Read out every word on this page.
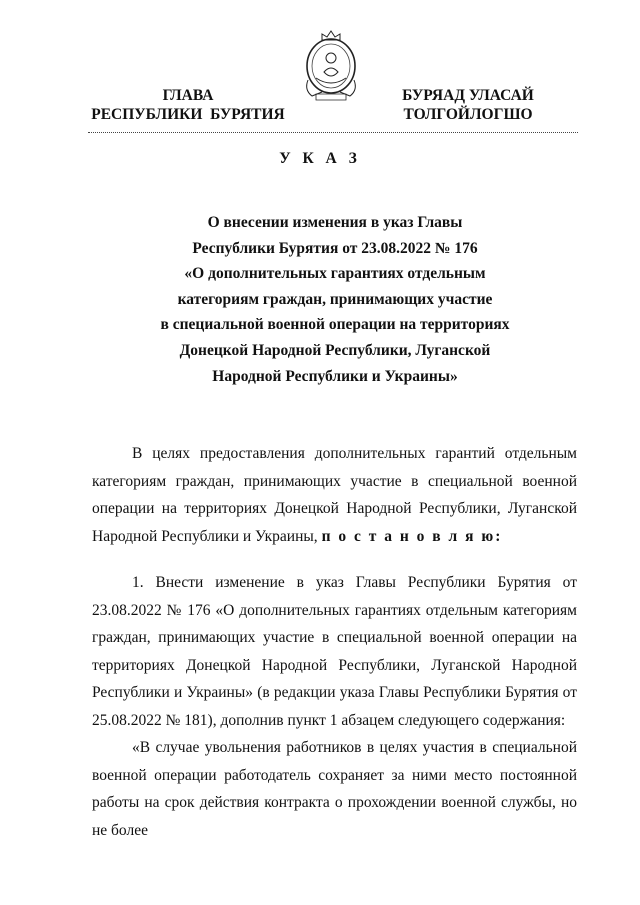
ГЛАВА
РЕСПУБЛИКИ  БУРЯТИЯ
БУРЯАД УЛАСАЙ
ТОЛГОЙЛОГШО
У К А З
О внесении изменения в указ Главы
Республики Бурятия от 23.08.2022 № 176
«О дополнительных гарантиях отдельным
категориям граждан, принимающих участие
в специальной военной операции на территориях
Донецкой Народной Республики, Луганской
Народной Республики и Украины»

В целях предоставления дополнительных гарантий отдельным категориям граждан, принимающих участие в специальной военной операции на территориях Донецкой Народной Республики, Луганской Народной Республики и Украины, п о с т а н о в л я ю:

1. Внести изменение в указ Главы Республики Бурятия от 23.08.2022 № 176 «О дополнительных гарантиях отдельным категориям граждан, принимающих участие в специальной военной операции на территориях Донецкой Народной Республики, Луганской Народной Республики и Украины» (в редакции указа Главы Республики Бурятия от 25.08.2022 № 181), дополнив пункт 1 абзацем следующего содержания:

«В случае увольнения работников в целях участия в специальной военной операции работодатель сохраняет за ними место постоянной работы на срок действия контракта о прохождении военной службы, но не более
